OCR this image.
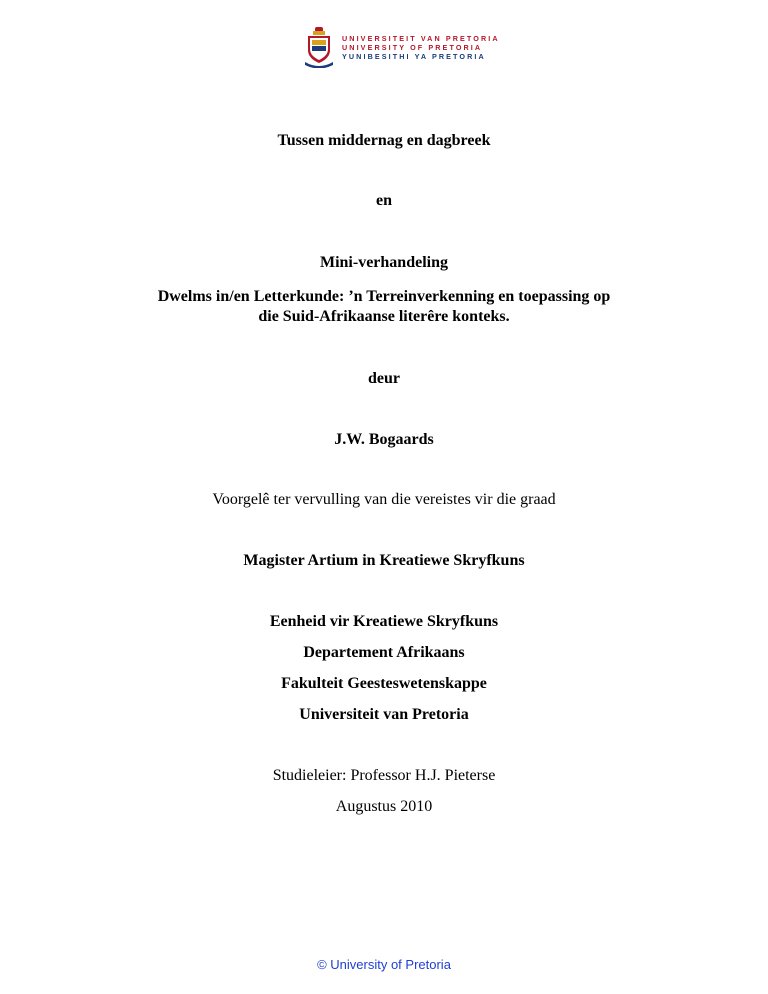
UNIVERSITEIT VAN PRETORIA
UNIVERSITY OF PRETORIA
YUNIBESITHI YA PRETORIA
Tussen middernag en dagbreek
en
Mini-verhandeling
Dwelms in/en Letterkunde: ’n Terreinverkenning en toepassing op
die Suid-Afrikaanse literêre konteks.
deur
J.W. Bogaards
Voorgelê ter vervulling van die vereistes vir die graad
Magister Artium in Kreatiewe Skryfkuns
Eenheid vir Kreatiewe Skryfkuns
Departement Afrikaans
Fakulteit Geesteswetenskappe
Universiteit van Pretoria
Studieleier: Professor H.J. Pieterse
Augustus 2010
© University of Pretoria
